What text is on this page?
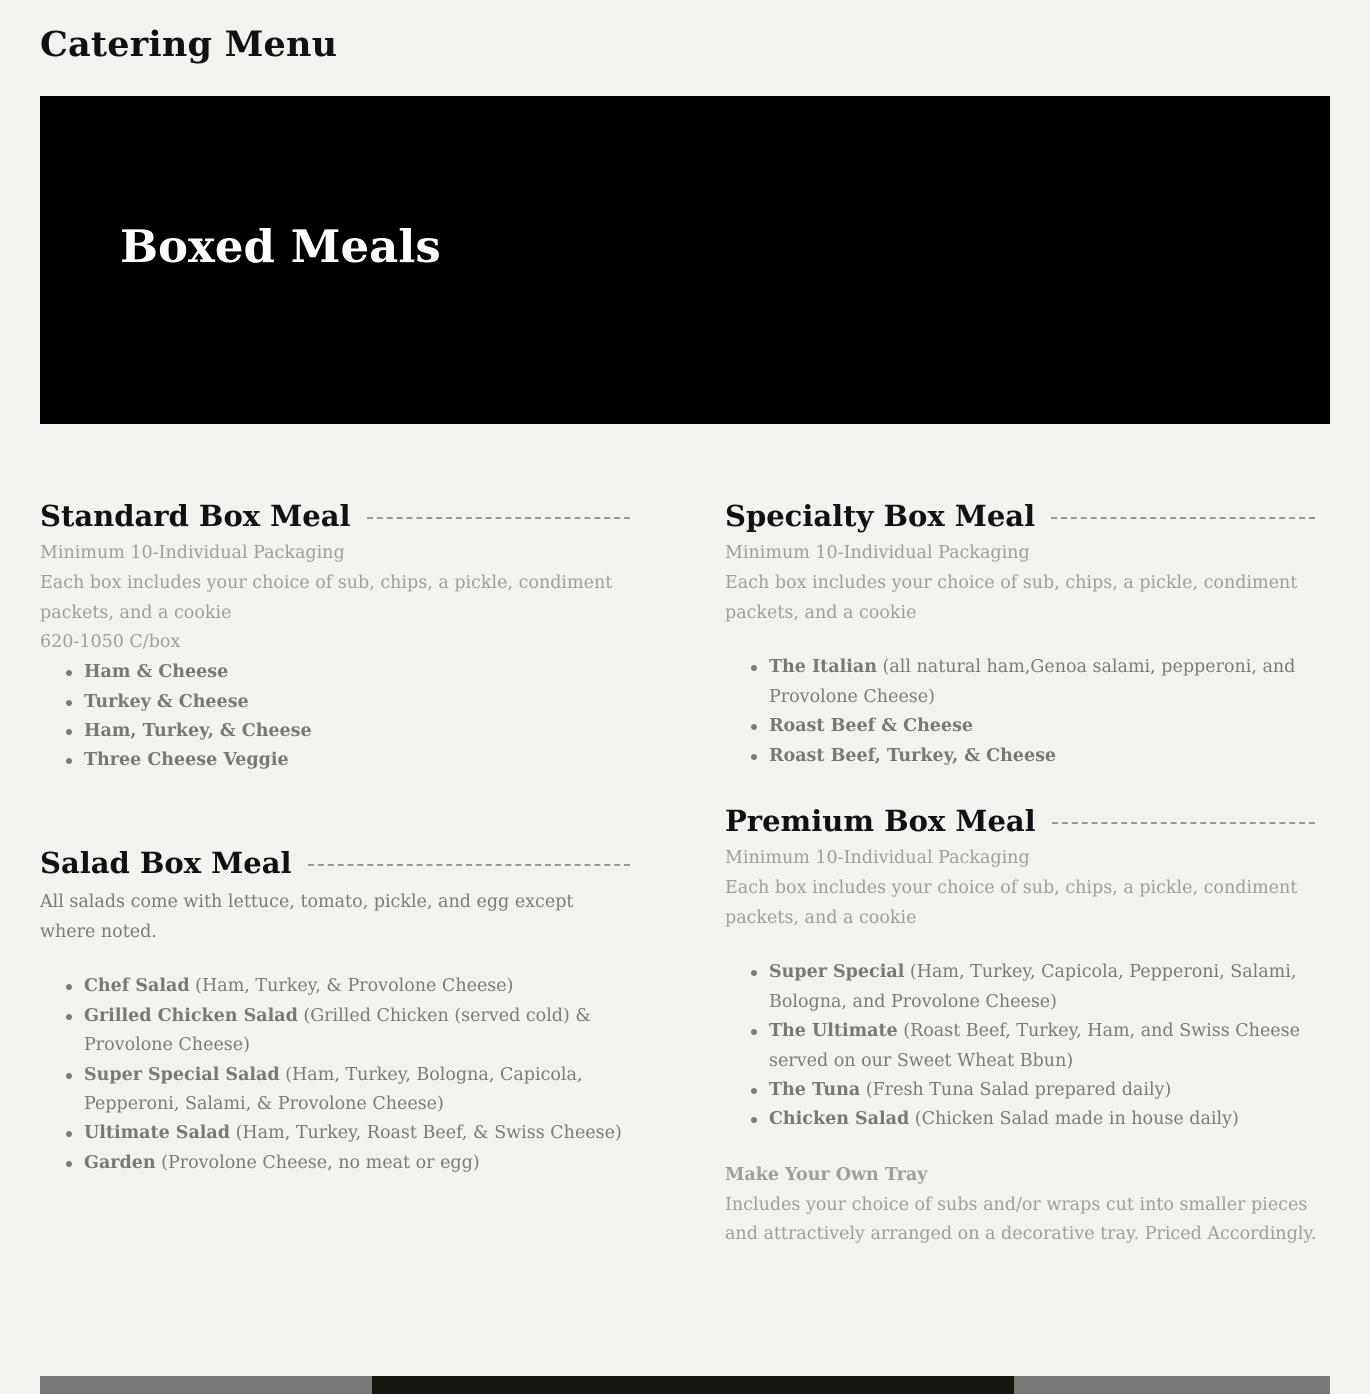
Catering Menu
Boxed Meals
Standard Box Meal

Minimum 10-Individual Packaging

Each box includes your choice of sub, chips, a pickle, condiment packets, and a cookie

620-1050 C/box

Ham & Cheese
Turkey & Cheese
Ham, Turkey, & Cheese
Three Cheese Veggie
Salad Box Meal

All salads come with lettuce, tomato, pickle, and egg except where noted.

Chef Salad (Ham, Turkey, & Provolone Cheese)
Grilled Chicken Salad (Grilled Chicken (served cold) & Provolone Cheese)
Super Special Salad (Ham, Turkey, Bologna, Capicola, Pepperoni, Salami, & Provolone Cheese)
Ultimate Salad (Ham, Turkey, Roast Beef, & Swiss Cheese)
Garden (Provolone Cheese, no meat or egg)
Specialty Box Meal

Minimum 10-Individual Packaging

Each box includes your choice of sub, chips, a pickle, condiment packets, and a cookie

The Italian (all natural ham,Genoa salami, pepperoni, and Provolone Cheese)
Roast Beef & Cheese
Roast Beef, Turkey, & Cheese
Premium Box Meal

Minimum 10-Individual Packaging

Each box includes your choice of sub, chips, a pickle, condiment packets, and a cookie

Super Special (Ham, Turkey, Capicola, Pepperoni, Salami, Bologna, and Provolone Cheese)
The Ultimate (Roast Beef, Turkey, Ham, and Swiss Cheese served on our Sweet Wheat Bbun)
The Tuna (Fresh Tuna Salad prepared daily)
Chicken Salad (Chicken Salad made in house daily)

Make Your Own Tray

Includes your choice of subs and/or wraps cut into smaller pieces and attractively arranged on a decorative tray. Priced Accordingly.
